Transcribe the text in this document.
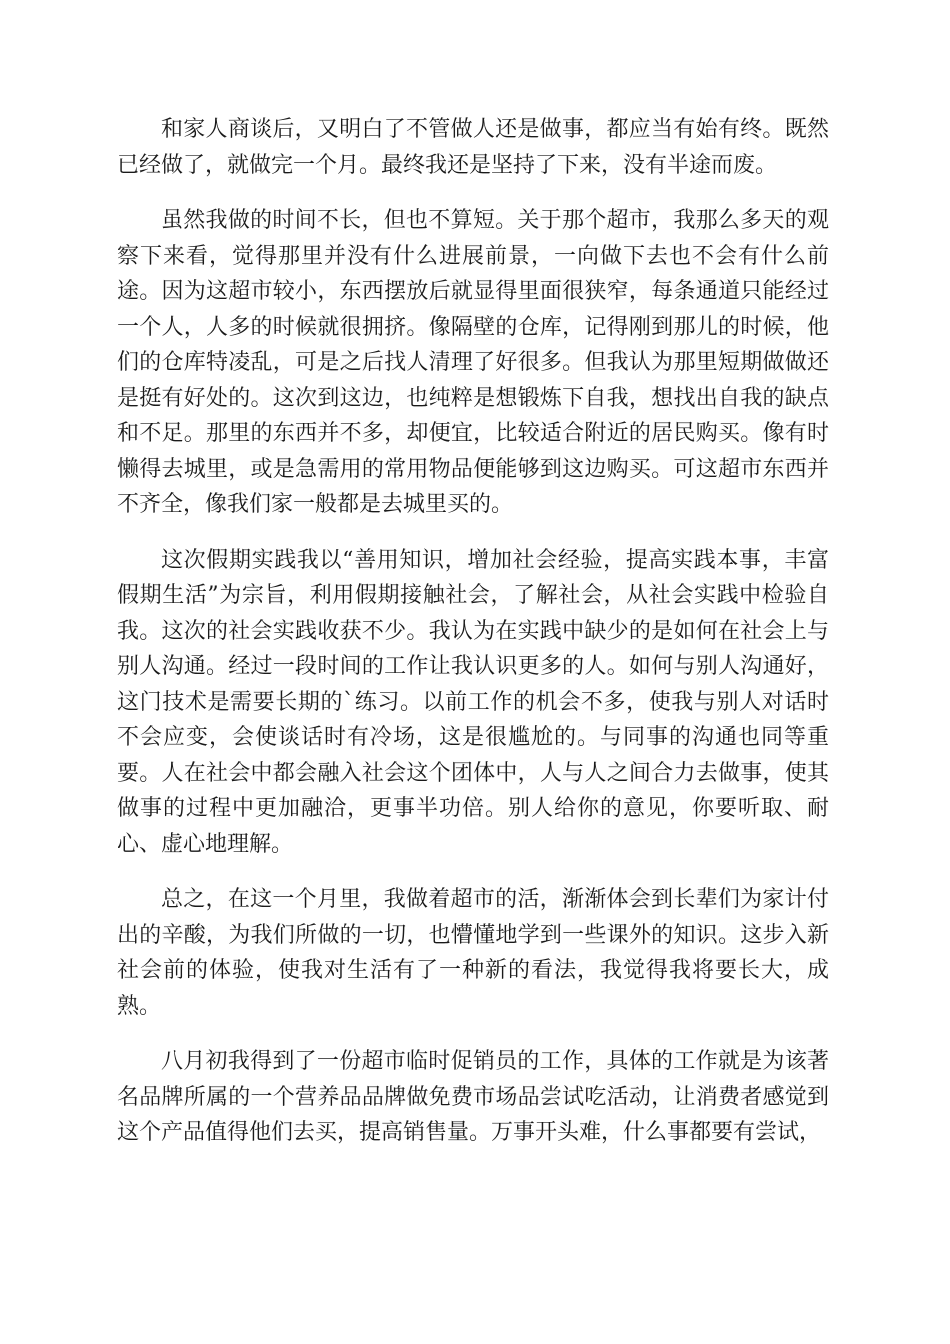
和家人商谈后，又明白了不管做人还是做事，都应当有始有终。既然已经做了，就做完一个月。最终我还是坚持了下来，没有半途而废。

虽然我做的时间不长，但也不算短。关于那个超市，我那么多天的观察下来看，觉得那里并没有什么进展前景，一向做下去也不会有什么前途。因为这超市较小，东西摆放后就显得里面很狭窄，每条通道只能经过一个人，人多的时候就很拥挤。像隔壁的仓库，记得刚到那儿的时候，他们的仓库特凌乱，可是之后找人清理了好很多。但我认为那里短期做做还是挺有好处的。这次到这边，也纯粹是想锻炼下自我，想找出自我的缺点和不足。那里的东西并不多，却便宜，比较适合附近的居民购买。像有时懒得去城里，或是急需用的常用物品便能够到这边购买。可这超市东西并不齐全，像我们家一般都是去城里买的。

这次假期实践我以“善用知识，增加社会经验，提高实践本事，丰富假期生活”为宗旨，利用假期接触社会，了解社会，从社会实践中检验自我。这次的社会实践收获不少。我认为在实践中缺少的是如何在社会上与别人沟通。经过一段时间的工作让我认识更多的人。如何与别人沟通好，这门技术是需要长期的`练习。以前工作的机会不多，使我与别人对话时不会应变，会使谈话时有冷场，这是很尴尬的。与同事的沟通也同等重要。人在社会中都会融入社会这个团体中，人与人之间合力去做事，使其做事的过程中更加融洽，更事半功倍。别人给你的意见，你要听取、耐心、虚心地理解。

总之，在这一个月里，我做着超市的活，渐渐体会到长辈们为家计付出的辛酸，为我们所做的一切，也懵懂地学到一些课外的知识。这步入新社会前的体验，使我对生活有了一种新的看法，我觉得我将要长大，成熟。

八月初我得到了一份超市临时促销员的工作，具体的工作就是为该著名品牌所属的一个营养品品牌做免费市场品尝试吃活动，让消费者感觉到这个产品值得他们去买，提高销售量。万事开头难，什么事都要有尝试，
